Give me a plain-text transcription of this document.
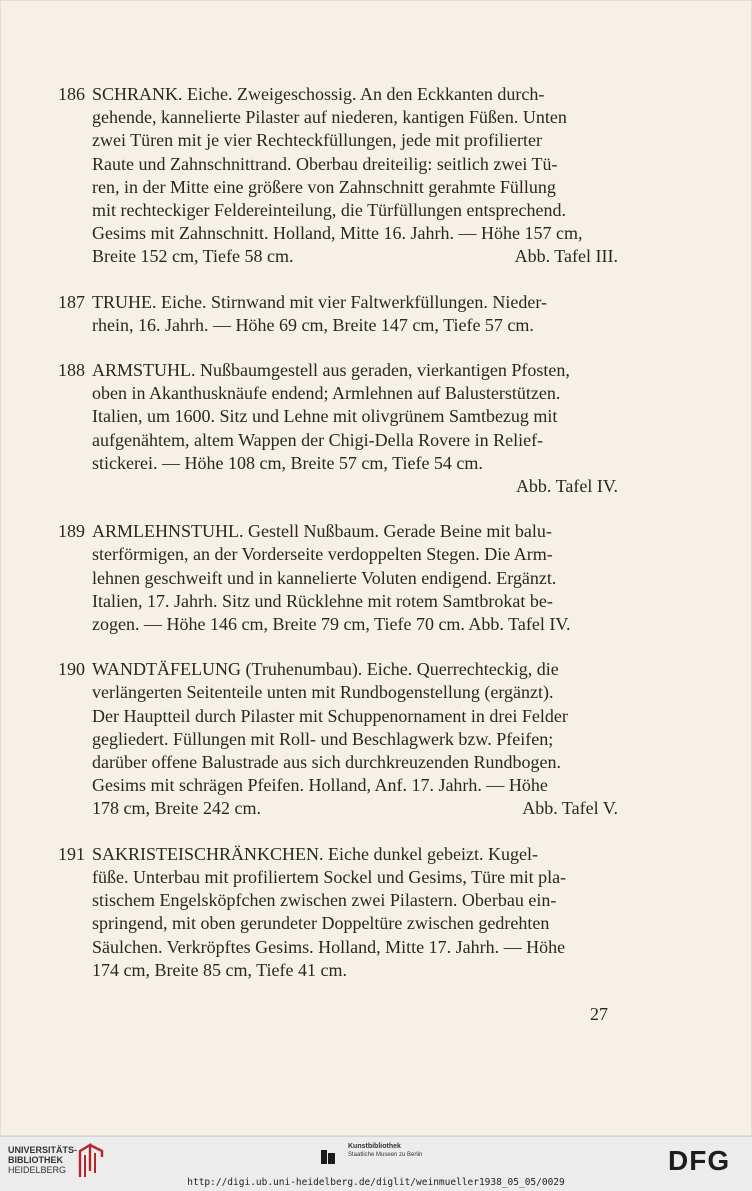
186 SCHRANK. Eiche. Zweigeschossig. An den Eckkanten durch-
gehende, kannelierte Pilaster auf niederen, kantigen Füßen. Unten
zwei Türen mit je vier Rechteckfüllungen, jede mit profilierter
Raute und Zahnschnittrand. Oberbau dreiteilig: seitlich zwei Tü-
ren, in der Mitte eine größere von Zahnschnitt gerahmte Füllung
mit rechteckiger Feldereinteilung, die Türfüllungen entsprechend.
Gesims mit Zahnschnitt. Holland, Mitte 16. Jahrh. — Höhe 157 cm,
Breite 152 cm, Tiefe 58 cm.	Abb. Tafel III.
187 TRUHE. Eiche. Stirnwand mit vier Faltwerkfüllungen. Nieder-
rhein, 16. Jahrh. — Höhe 69 cm, Breite 147 cm, Tiefe 57 cm.
188 ARMSTUHL. Nußbaumgestell aus geraden, vierkantigen Pfosten,
oben in Akanthusknäufe endend; Armlehnen auf Balusterstützen.
Italien, um 1600. Sitz und Lehne mit olivgrünem Samtbezug mit
aufgenähtem, altem Wappen der Chigi-Della Rovere in Relief-
stickerei. — Höhe 108 cm, Breite 57 cm, Tiefe 54 cm.
Abb. Tafel IV.
189 ARMLEHNSTUHL. Gestell Nußbaum. Gerade Beine mit balu-
sterförmigen, an der Vorderseite verdoppelten Stegen. Die Arm-
lehnen geschweift und in kannelierte Voluten endigend. Ergänzt.
Italien, 17. Jahrh. Sitz und Rücklehne mit rotem Samtbrokat be-
zogen. — Höhe 146 cm, Breite 79 cm, Tiefe 70 cm. Abb. Tafel IV.
190 WANDTÄFELUNG (Truhenumbau). Eiche. Querrechteckig, die
verlängerten Seitenteile unten mit Rundbogenstellung (ergänzt).
Der Hauptteil durch Pilaster mit Schuppenornament in drei Felder
gegliedert. Füllungen mit Roll- und Beschlagwerk bzw. Pfeifen;
darüber offene Balustrade aus sich durchkreuzenden Rundbogen.
Gesims mit schrägen Pfeifen. Holland, Anf. 17. Jahrh. — Höhe
178 cm, Breite 242 cm.	Abb. Tafel V.
191 SAKRISTEISCHRÄNKCHEN. Eiche dunkel gebeizt. Kugel-
füße. Unterbau mit profiliertem Sockel und Gesims, Türe mit pla-
stischem Engelsköpfchen zwischen zwei Pilastern. Oberbau ein-
springend, mit oben gerundeter Doppeltüre zwischen gedrehten
Säulchen. Verkröpftes Gesims. Holland, Mitte 17. Jahrh. — Höhe
174 cm, Breite 85 cm, Tiefe 41 cm.
27
UNIVERSITÄTS-
BIBLIOTHEK
HEIDELBERG
Kunstbibliothek
Staatliche Museen zu Berlin	DFG
http://digi.ub.uni-heidelberg.de/diglit/weinmueller1938_05_05/0029
